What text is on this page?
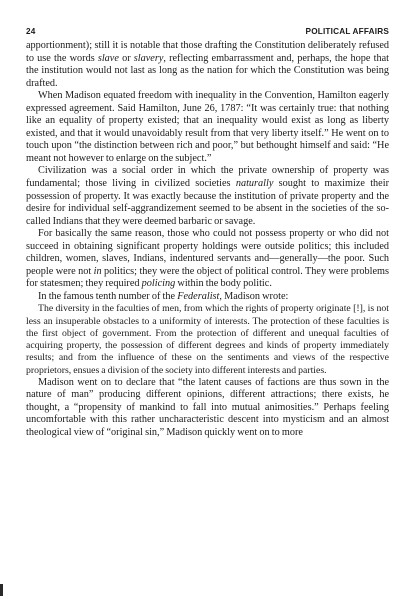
24	POLITICAL AFFAIRS

apportionment); still it is notable that those drafting the Constitution deliberately refused to use the words slave or slavery, reflecting embarrassment and, perhaps, the hope that the institution would not last as long as the nation for which the Constitution was being drafted.

When Madison equated freedom with inequality in the Convention, Hamilton eagerly expressed agreement. Said Hamilton, June 26, 1787: “It was certainly true: that nothing like an equality of property existed; that an inequality would exist as long as liberty existed, and that it would unavoidably result from that very liberty itself.” He went on to touch upon “the distinction between rich and poor,” but bethought himself and said: “He meant not however to enlarge on the subject.”

Civilization was a social order in which the private ownership of property was fundamental; those living in civilized societies naturally sought to maximize their possession of property. It was exactly because the institution of private property and the desire for individual self-aggrandizement seemed to be absent in the societies of the so-called Indians that they were deemed barbaric or savage.

For basically the same reason, those who could not possess property or who did not succeed in obtaining significant property holdings were outside politics; this included children, women, slaves, Indians, indentured servants and—generally—the poor. Such people were not in politics; they were the object of political control. They were problems for statesmen; they required policing within the body politic.

In the famous tenth number of the Federalist, Madison wrote:

The diversity in the faculties of men, from which the rights of property originate [!], is not less an insuperable obstacles to a uniformity of interests. The protection of these faculties is the first object of government. From the protection of different and unequal faculties of acquiring property, the possession of different degrees and kinds of property immediately results; and from the influence of these on the sentiments and views of the respective proprietors, ensues a division of the society into different interests and parties.

Madison went on to declare that “the latent causes of factions are thus sown in the nature of man” producing different opinions, different attractions; there exists, he thought, a “propensity of mankind to fall into mutual animosities.” Perhaps feeling uncomfortable with this rather uncharacteristic descent into mysticism and an almost theological view of “original sin,” Madison quickly went on to more
